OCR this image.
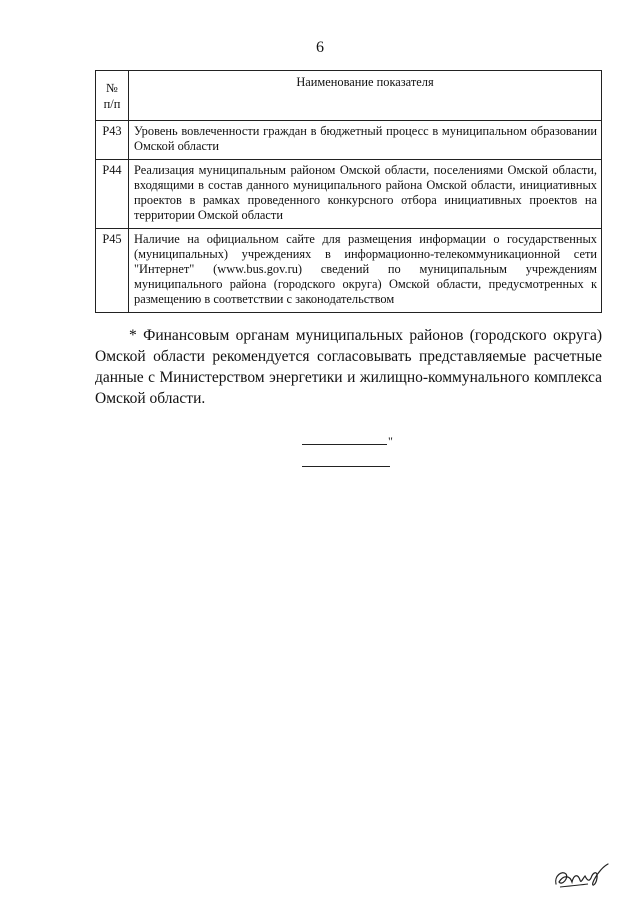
6
№
п/п	Наименование показателя
Р43	Уровень вовлеченности граждан в бюджетный процесс в муниципальном образовании Омской области
Р44	Реализация муниципальным районом Омской области, поселениями Омской области, входящими в состав данного муниципального района Омской области, инициативных проектов в рамках проведенного конкурсного отбора инициативных проектов на территории Омской области
Р45	Наличие на официальном сайте для размещения информации о государственных (муниципальных) учреждениях в информационно-телекоммуникационной сети "Интернет" (www.bus.gov.ru) сведений по муниципальным учреждениям муниципального района (городского округа) Омской области, предусмотренных к размещению в соответствии с законодательством

* Финансовым органам муниципальных районов (городского округа) Омской области рекомендуется согласовывать представляемые расчетные данные с Министерством энергетики и жилищно-коммунального комплекса Омской области.

"
